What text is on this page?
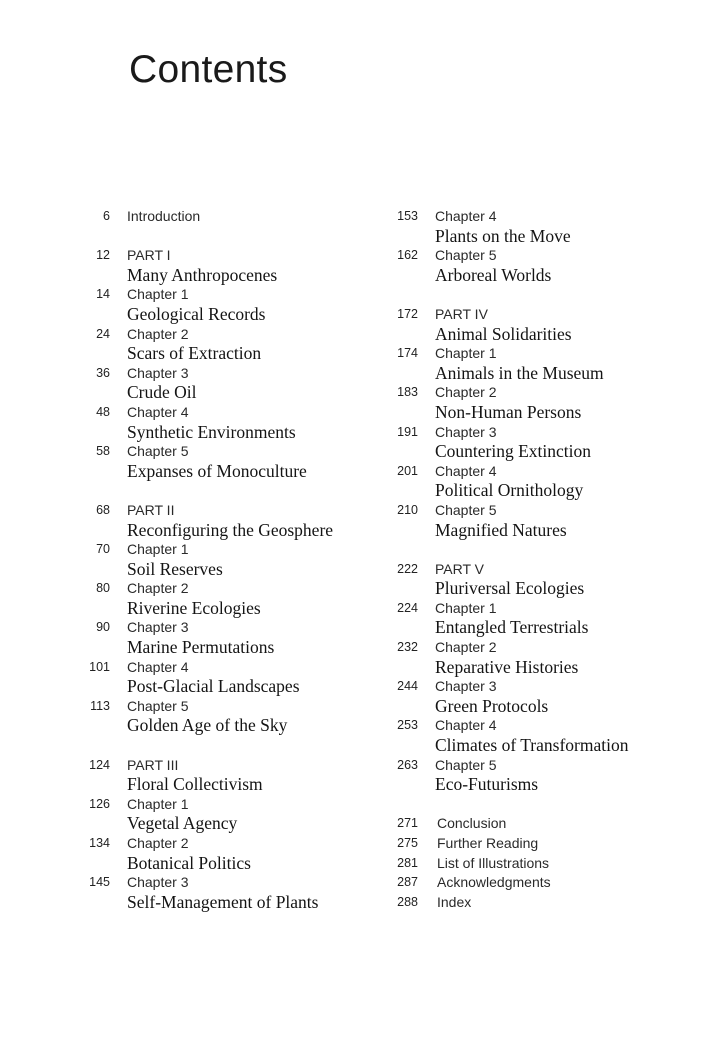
Contents
6 Introduction
12 PART I
Many Anthropocenes
14 Chapter 1
Geological Records
24 Chapter 2
Scars of Extraction
36 Chapter 3
Crude Oil
48 Chapter 4
Synthetic Environments
58 Chapter 5
Expanses of Monoculture
68 PART II
Reconfiguring the Geosphere
70 Chapter 1
Soil Reserves
80 Chapter 2
Riverine Ecologies
90 Chapter 3
Marine Permutations
101 Chapter 4
Post-Glacial Landscapes
113 Chapter 5
Golden Age of the Sky
124 PART III
Floral Collectivism
126 Chapter 1
Vegetal Agency
134 Chapter 2
Botanical Politics
145 Chapter 3
Self-Management of Plants
153 Chapter 4
Plants on the Move
162 Chapter 5
Arboreal Worlds
172 PART IV
Animal Solidarities
174 Chapter 1
Animals in the Museum
183 Chapter 2
Non-Human Persons
191 Chapter 3
Countering Extinction
201 Chapter 4
Political Ornithology
210 Chapter 5
Magnified Natures
222 PART V
Pluriversal Ecologies
224 Chapter 1
Entangled Terrestrials
232 Chapter 2
Reparative Histories
244 Chapter 3
Green Protocols
253 Chapter 4
Climates of Transformation
263 Chapter 5
Eco-Futurisms
271 Conclusion
275 Further Reading
281 List of Illustrations
287 Acknowledgments
288 Index
